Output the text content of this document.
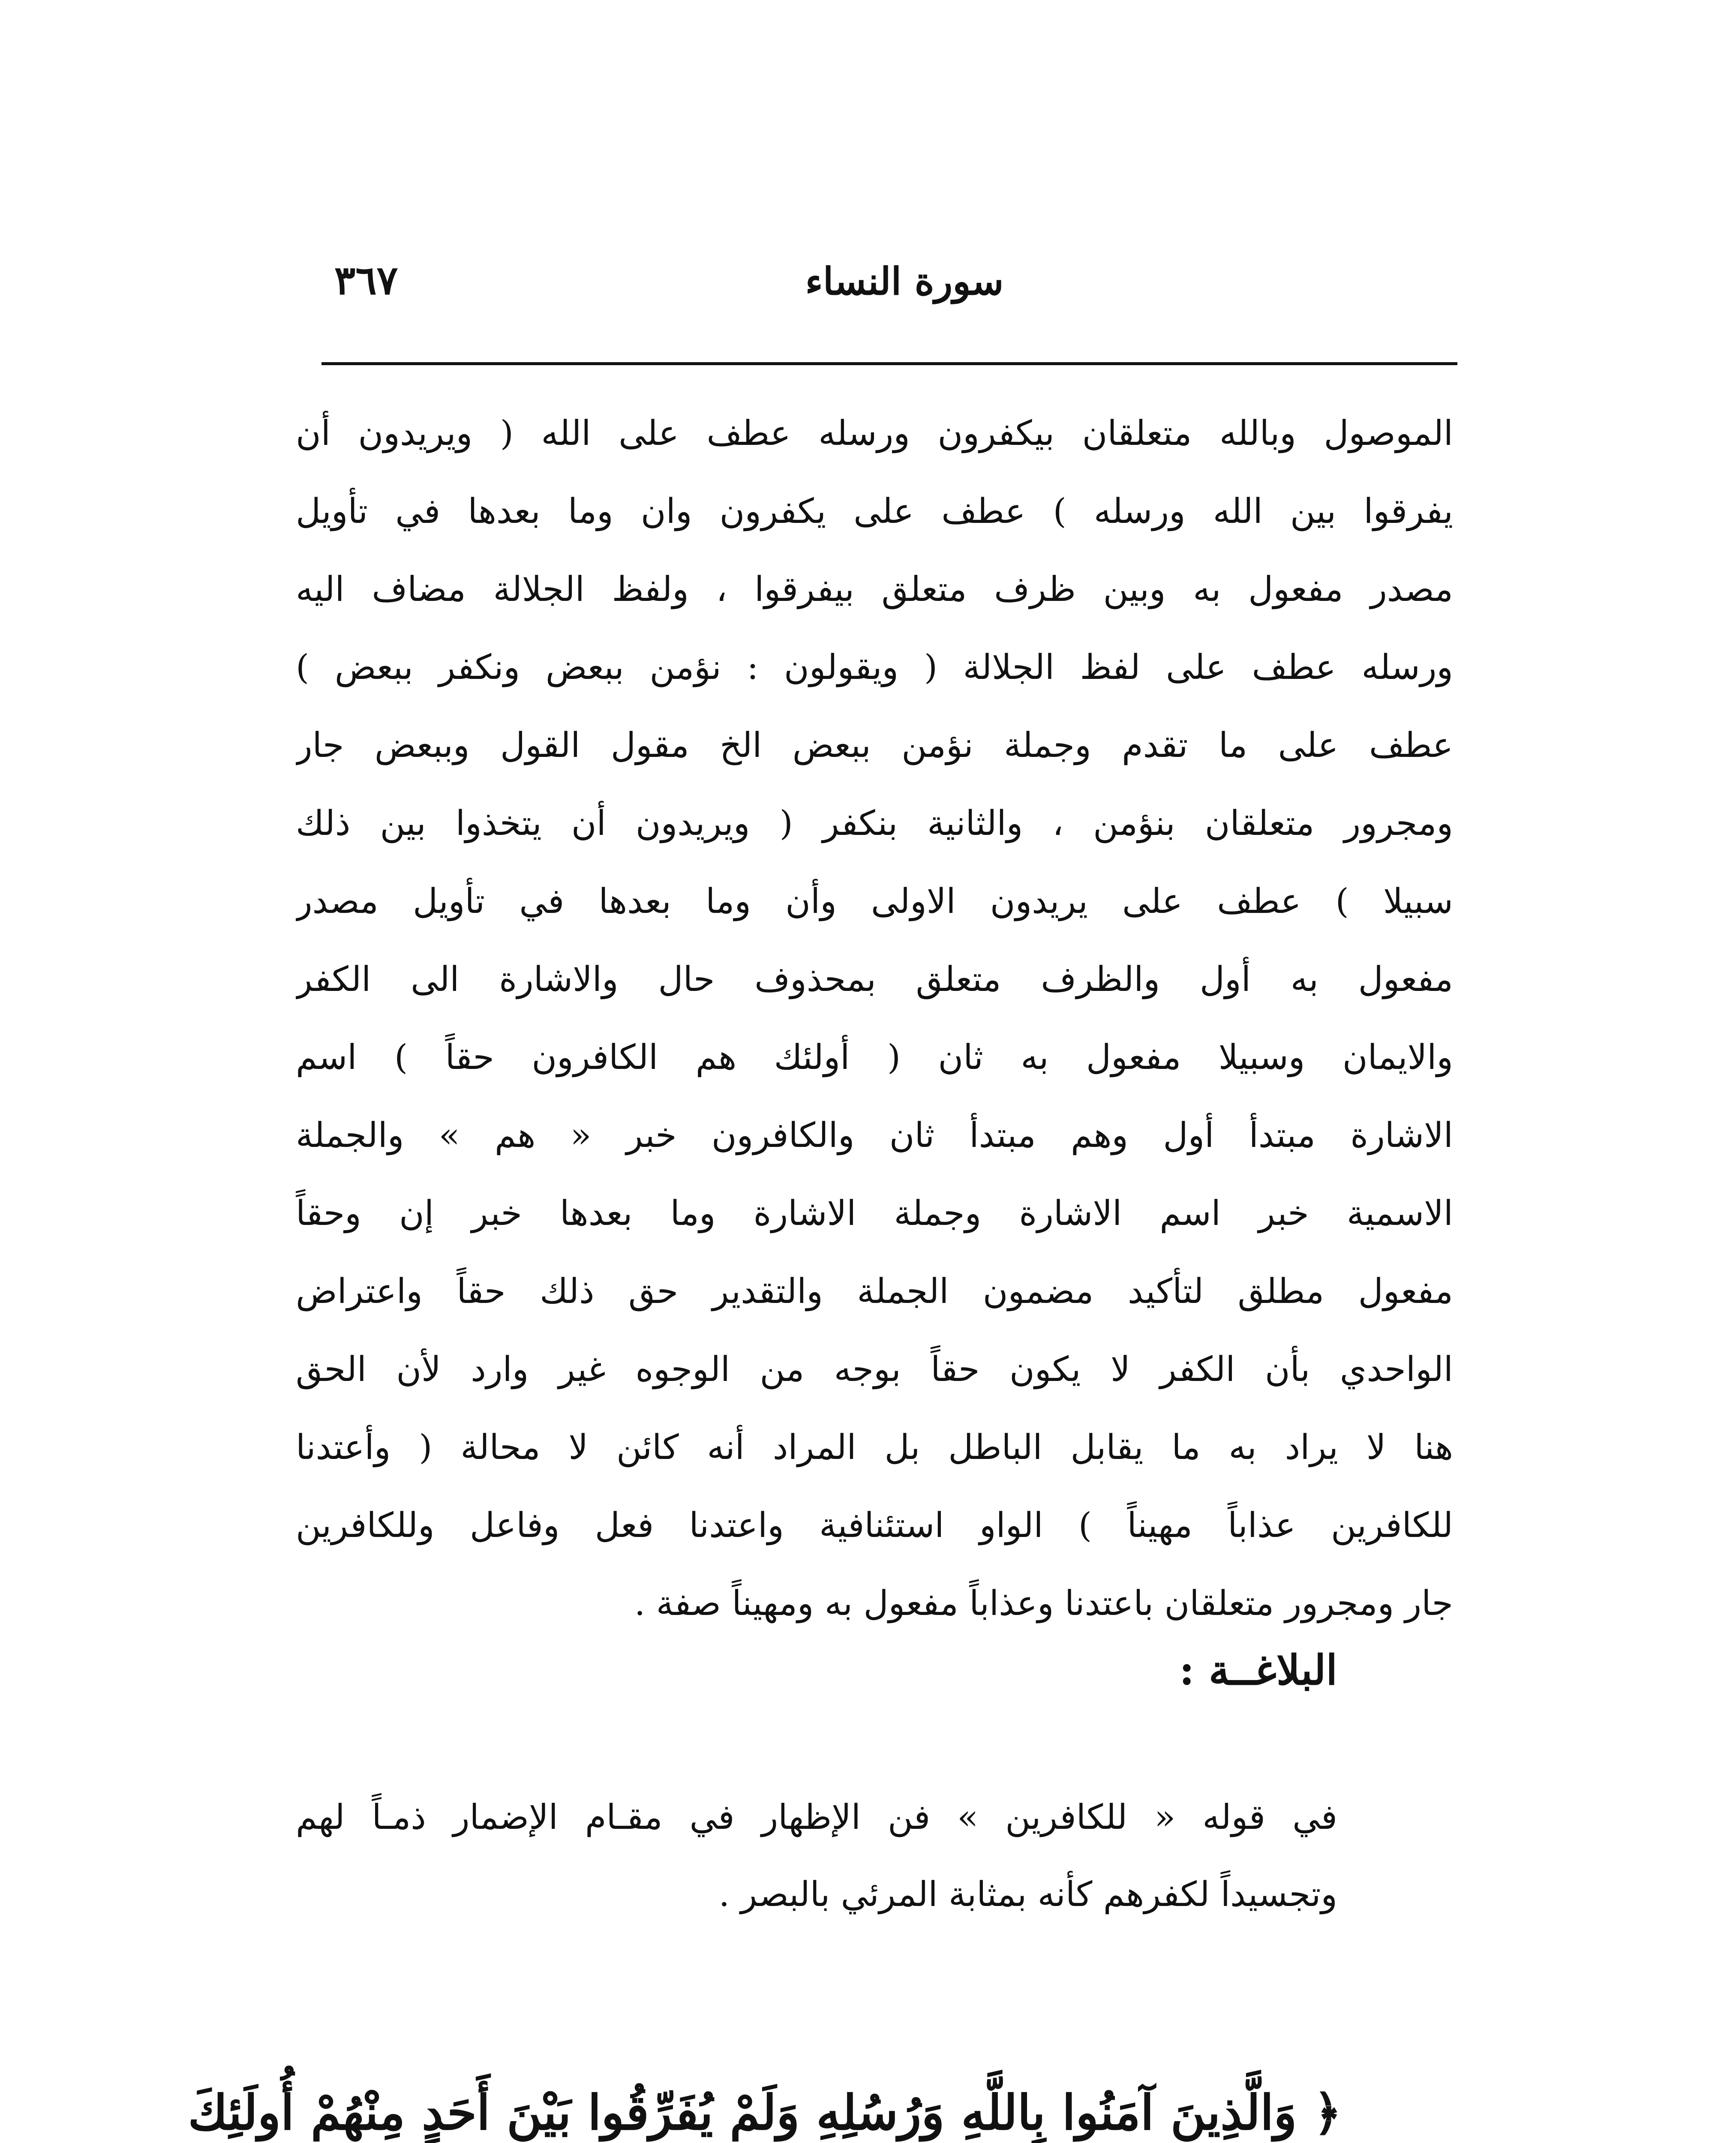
٣٦٧	سورة النساء
الموصول وبالله متعلقان بيكفرون ورسله عطف على الله ( ويريدون أن
يفرقوا بين الله ورسله ) عطف على يكفرون وان وما بعدها في تأويل
مصدر مفعول به وبين ظرف متعلق بيفرقوا ، ولفظ الجلالة مضاف اليه
ورسله عطف على لفظ الجلالة ( ويقولون : نؤمن ببعض ونكفر ببعض )
عطف على ما تقدم وجملة نؤمن ببعض الخ مقول القول وببعض جار
ومجرور متعلقان بنؤمن ، والثانية بنكفر ( ويريدون أن يتخذوا بين ذلك
سبيلا ) عطف على يريدون الاولى وأن وما بعدها في تأويل مصدر
مفعول به أول والظرف متعلق بمحذوف حال والاشارة الى الكفر
والايمان وسبيلا مفعول به ثان ( أولئك هم الكافرون حقاً ) اسم
الاشارة مبتدأ أول وهم مبتدأ ثان والكافرون خبر « هم » والجملة
الاسمية خبر اسم الاشارة وجملة الاشارة وما بعدها خبر إن وحقاً
مفعول مطلق لتأكيد مضمون الجملة والتقدير حق ذلك حقاً واعتراض
الواحدي بأن الكفر لا يكون حقاً بوجه من الوجوه غير وارد لأن الحق
هنا لا يراد به ما يقابل الباطل بل المراد أنه كائن لا محالة ( وأعتدنا
للكافرين عذاباً مهيناً ) الواو استئنافية واعتدنا فعل وفاعل وللكافرين
جار ومجرور متعلقان باعتدنا وعذاباً مفعول به ومهيناً صفة .
البلاغــة :
في قوله « للكافرين » فن الإظهار في مقـام الإضمار ذمـاً لهم
وتجسيداً لكفرهم كأنه بمثابة المرئي بالبصر .
﴿ وَالَّذِينَ آمَنُوا بِاللَّهِ وَرُسُلِهِ وَلَمْ يُفَرِّقُوا بَيْنَ أَحَدٍ مِنْهُمْ أُولَئِكَ
